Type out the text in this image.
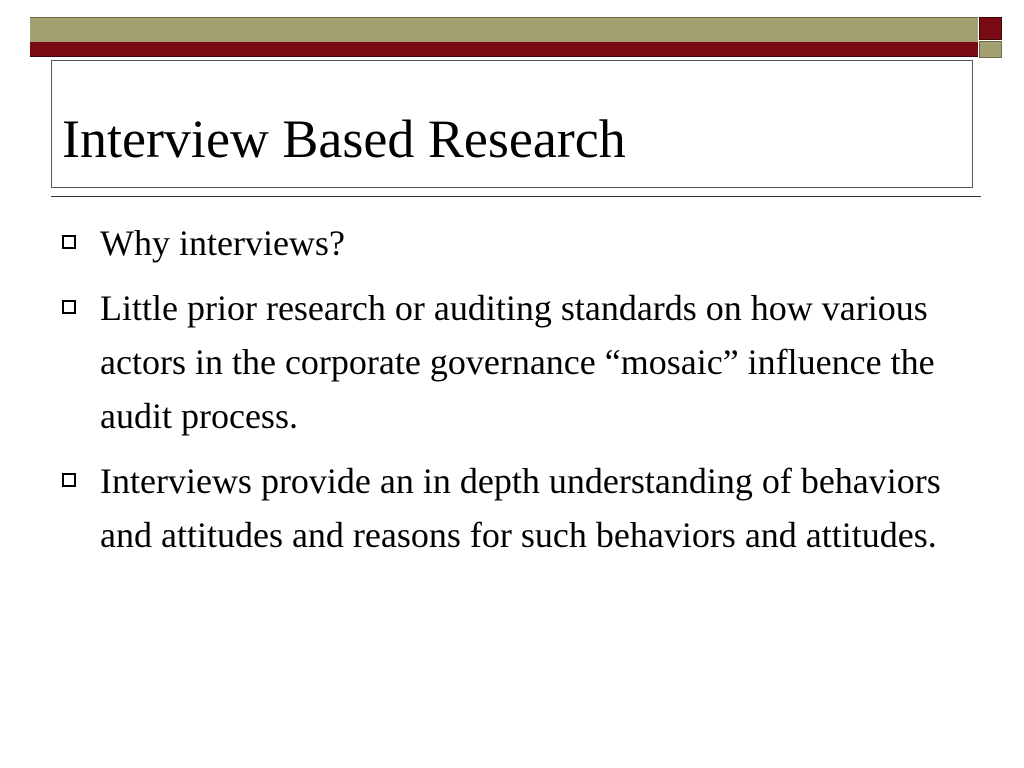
Interview Based Research
Why interviews?
Little prior research or auditing standards on how various actors in the corporate governance “mosaic” influence the audit process.
Interviews provide an in depth understanding of behaviors and attitudes and reasons for such behaviors and attitudes.
